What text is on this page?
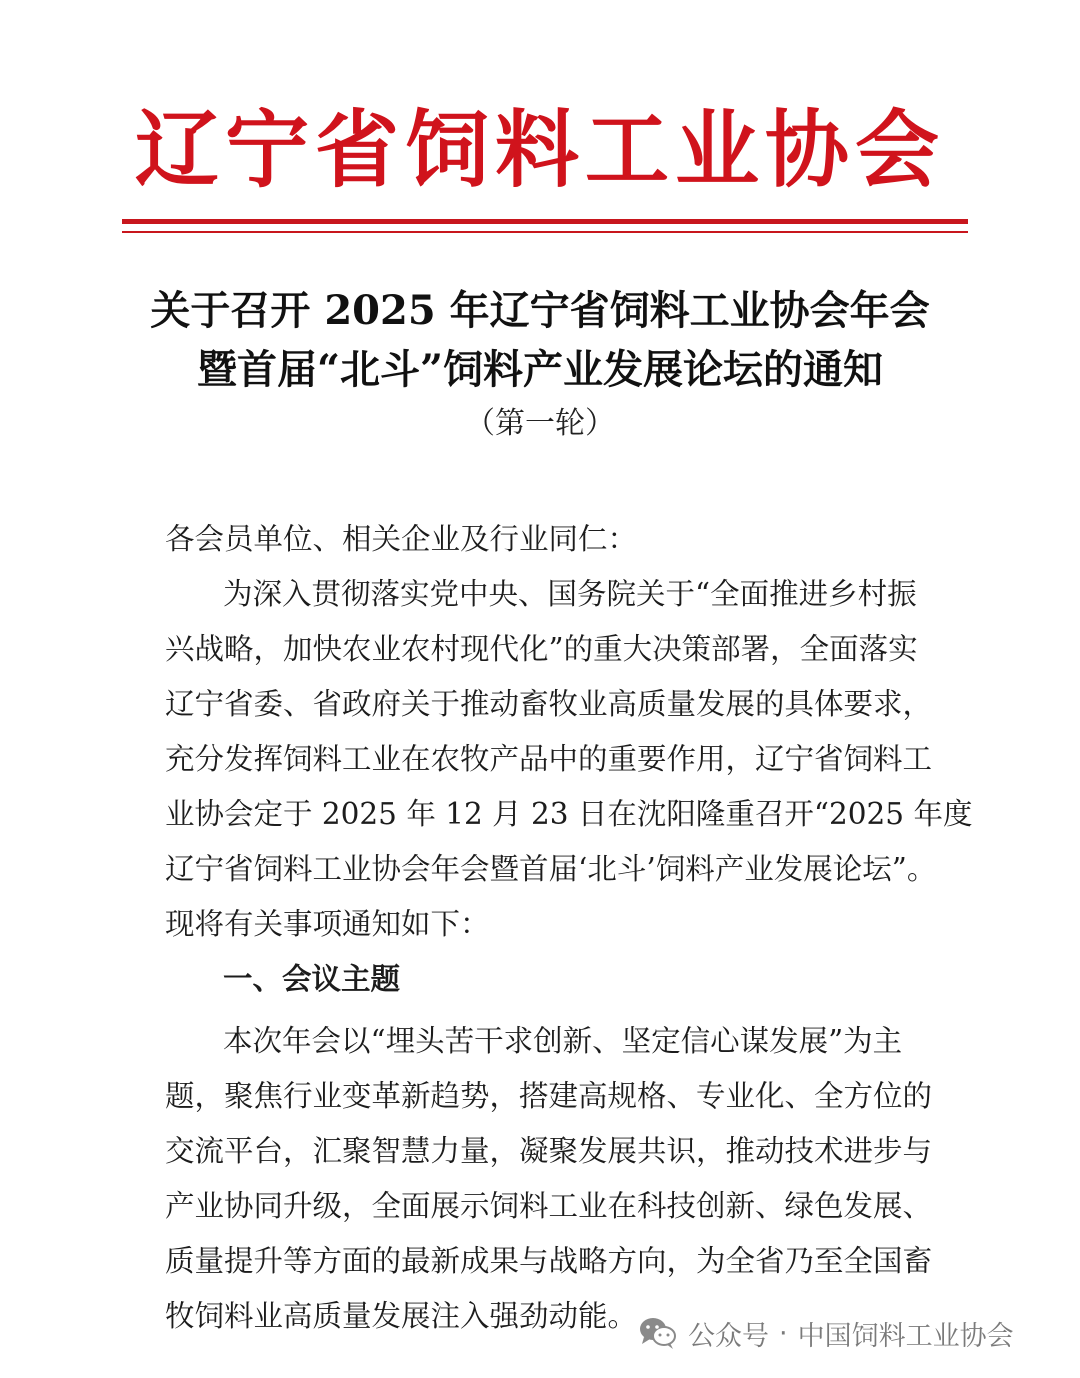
辽宁省饲料工业协会
关于召开 2025 年辽宁省饲料工业协会年会
暨首届“北斗”饲料产业发展论坛的通知
（第一轮）
各会员单位、相关企业及行业同仁：
为深入贯彻落实党中央、国务院关于“全面推进乡村振
兴战略，加快农业农村现代化”的重大决策部署，全面落实
辽宁省委、省政府关于推动畜牧业高质量发展的具体要求，
充分发挥饲料工业在农牧产品中的重要作用，辽宁省饲料工
业协会定于 2025 年 12 月 23 日在沈阳隆重召开“2025 年度
辽宁省饲料工业协会年会暨首届‘北斗’饲料产业发展论坛”。
现将有关事项通知如下：
一、会议主题
本次年会以“埋头苦干求创新、坚定信心谋发展”为主
题，聚焦行业变革新趋势，搭建高规格、专业化、全方位的
交流平台，汇聚智慧力量，凝聚发展共识，推动技术进步与
产业协同升级，全面展示饲料工业在科技创新、绿色发展、
质量提升等方面的最新成果与战略方向，为全省乃至全国畜
牧饲料业高质量发展注入强劲动能。
公众号 · 中国饲料工业协会
